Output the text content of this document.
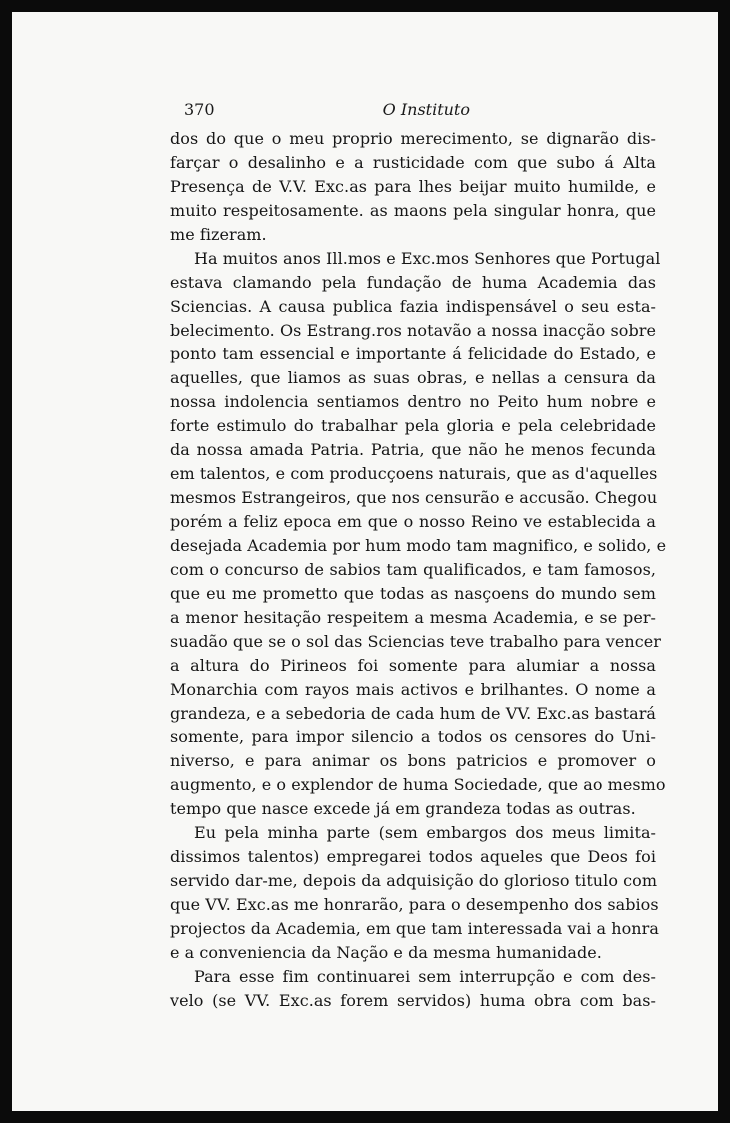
370	O Instituto
dos do que o meu proprio merecimento, se dignarão dis-
farçar o desalinho e a rusticidade com que subo á Alta
Presença de V.V. Exc.as para lhes beijar muito humilde, e
muito respeitosamente. as maons pela singular honra, que
me fizeram.
Ha muitos anos Ill.mos e Exc.mos Senhores que Portugal
estava clamando pela fundação de huma Academia das
Sciencias. A causa publica fazia indispensável o seu esta-
belecimento. Os Estrang.ros notavão a nossa inacção sobre
ponto tam essencial e importante á felicidade do Estado, e
aquelles, que liamos as suas obras, e nellas a censura da
nossa indolencia sentiamos dentro no Peito hum nobre e
forte estimulo do trabalhar pela gloria e pela celebridade
da nossa amada Patria. Patria, que não he menos fecunda
em talentos, e com producçoens naturais, que as d'aquelles
mesmos Estrangeiros, que nos censurão e accusão. Chegou
porém a feliz epoca em que o nosso Reino ve establecida a
desejada Academia por hum modo tam magnifico, e solido, e
com o concurso de sabios tam qualificados, e tam famosos,
que eu me prometto que todas as nasçoens do mundo sem
a menor hesitação respeitem a mesma Academia, e se per-
suadão que se o sol das Sciencias teve trabalho para vencer
a altura do Pirineos foi somente para alumiar a nossa
Monarchia com rayos mais activos e brilhantes. O nome a
grandeza, e a sebedoria de cada hum de VV. Exc.as bastará
somente, para impor silencio a todos os censores do Uni-
niverso, e para animar os bons patricios e promover o
augmento, e o explendor de huma Sociedade, que ao mesmo
tempo que nasce excede já em grandeza todas as outras.
Eu pela minha parte (sem embargos dos meus limita-
dissimos talentos) empregarei todos aqueles que Deos foi
servido dar-me, depois da adquisição do glorioso titulo com
que VV. Exc.as me honrarão, para o desempenho dos sabios
projectos da Academia, em que tam interessada vai a honra
e a conveniencia da Nação e da mesma humanidade.
Para esse fim continuarei sem interrupção e com des-
velo (se VV. Exc.as forem servidos) huma obra com bas-
